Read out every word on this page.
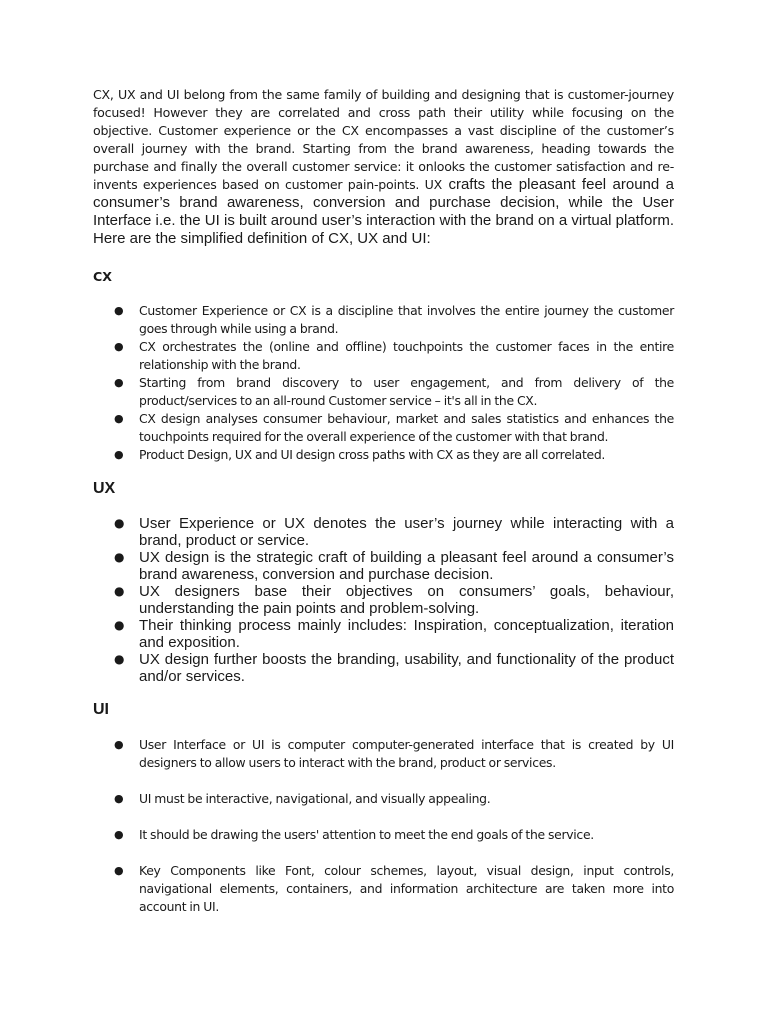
CX, UX and UI belong from the same family of building and designing that is customer-journey focused! However they are correlated and cross path their utility while focusing on the objective. Customer experience or the CX encompasses a vast discipline of the customer’s overall journey with the brand. Starting from the brand awareness, heading towards the purchase and finally the overall customer service: it onlooks the customer satisfaction and re-invents experiences based on customer pain-points. UX crafts the pleasant feel around a consumer’s brand awareness, conversion and purchase decision, while the User Interface i.e. the UI is built around user’s interaction with the brand on a virtual platform. Here are the simplified definition of CX, UX and UI:

CX
● Customer Experience or CX is a discipline that involves the entire journey the customer goes through while using a brand.
● CX orchestrates the (online and offline) touchpoints the customer faces in the entire relationship with the brand.
● Starting from brand discovery to user engagement, and from delivery of the product/services to an all-round Customer service – it's all in the CX.
● CX design analyses consumer behaviour, market and sales statistics and enhances the touchpoints required for the overall experience of the customer with that brand.
● Product Design, UX and UI design cross paths with CX as they are all correlated.
UX
● User Experience or UX denotes the user’s journey while interacting with a brand, product or service.
● UX design is the strategic craft of building a pleasant feel around a consumer’s brand awareness, conversion and purchase decision.
● UX designers base their objectives on consumers’ goals, behaviour, understanding the pain points and problem-solving.
● Their thinking process mainly includes: Inspiration, conceptualization, iteration and exposition.
● UX design further boosts the branding, usability, and functionality of the product and/or services.
UI
● User Interface or UI is computer computer-generated interface that is created by UI designers to allow users to interact with the brand, product or services.
● UI must be interactive, navigational, and visually appealing.
● It should be drawing the users' attention to meet the end goals of the service.
● Key Components like Font, colour schemes, layout, visual design, input controls, navigational elements, containers, and information architecture are taken more into account in UI.
